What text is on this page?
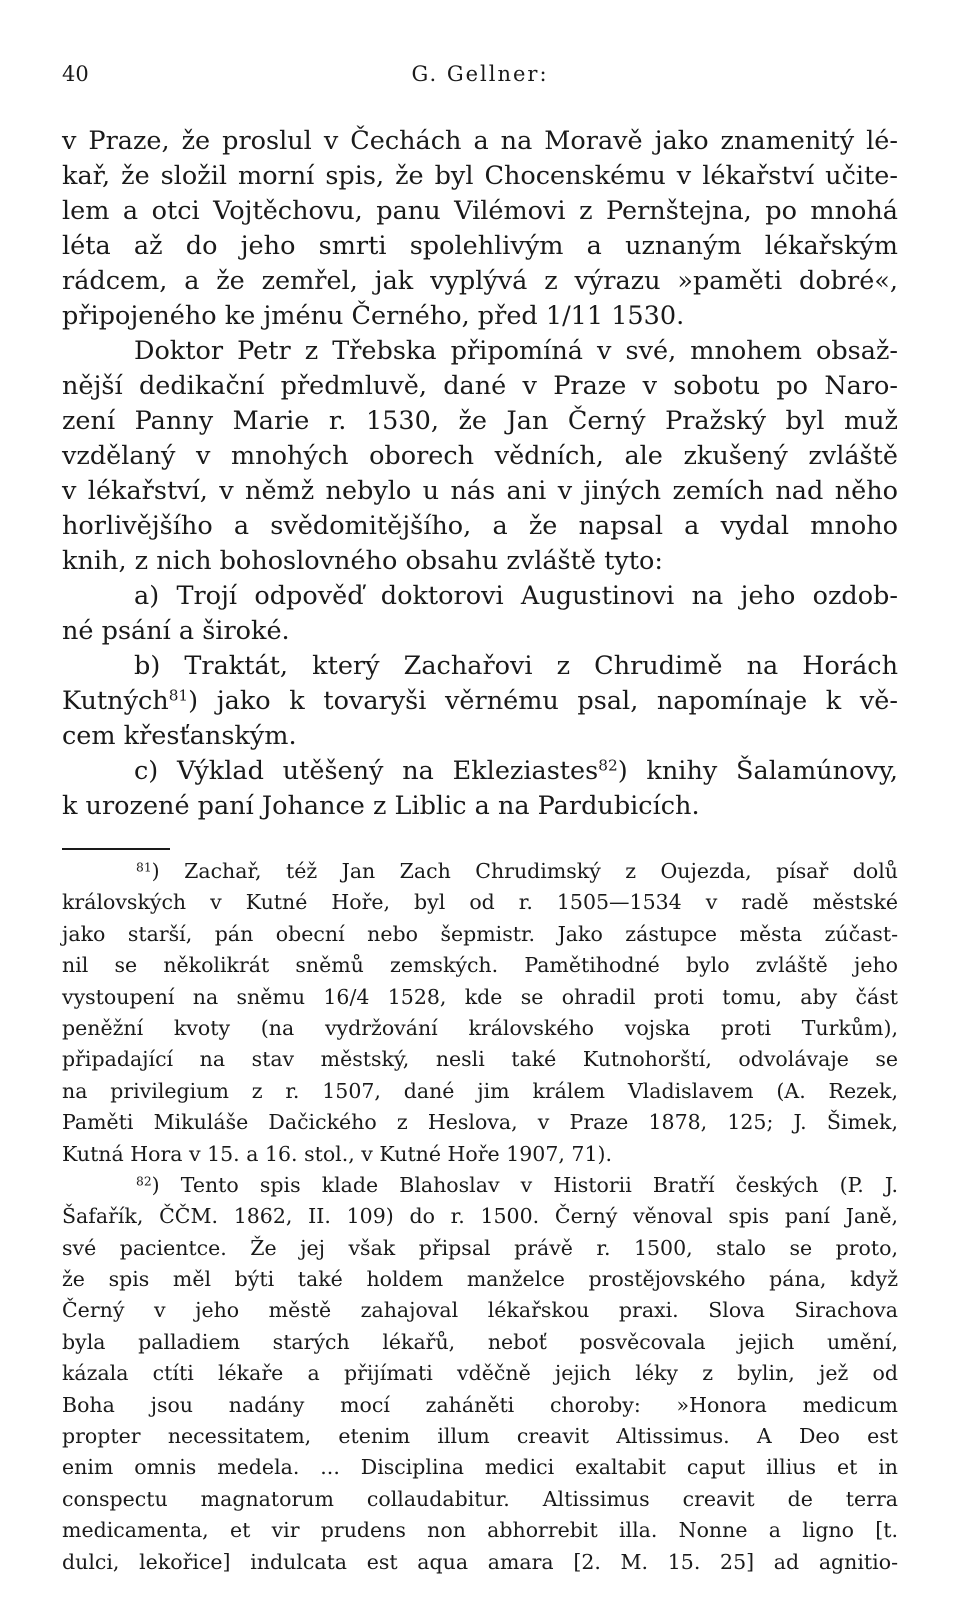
40	G. Gellner:
v Praze, že proslul v Čechách a na Moravě jako znamenitý lé-
kař, že složil morní spis, že byl Chocenskému v lékařství učite-
lem a otci Vojtěchovu, panu Vilémovi z Pernštejna, po mnohá
léta až do jeho smrti spolehlivým a uznaným lékařským
rádcem, a že zemřel, jak vyplývá z výrazu »paměti dobré«,
připojeného ke jménu Černého, před 1/11 1530.
Doktor Petr z Třebska připomíná v své, mnohem obsaž-
nější dedikační předmluvě, dané v Praze v sobotu po Naro-
zení Panny Marie r. 1530, že Jan Černý Pražský byl muž
vzdělaný v mnohých oborech vědních, ale zkušený zvláště
v lékařství, v němž nebylo u nás ani v jiných zemích nad něho
horlivějšího a svědomitějšího, a že napsal a vydal mnoho
knih, z nich bohoslovného obsahu zvláště tyto:
a) Trojí odpověď doktorovi Augustinovi na jeho ozdob-
né psání a široké.
b) Traktát, který Zachařovi z Chrudimě na Horách
Kutných$^{81}$) jako k tovaryši věrnému psal, napomínaje k vě-
cem křesťanským.
c) Výklad utěšený na Ekleziastes$^{82}$) knihy Šalamúnovy,
k urozené paní Johance z Liblic a na Pardubicích.
$^{81}$) Zachař, též Jan Zach Chrudimský z Oujezda, písař dolů
královských v Kutné Hoře, byl od r. 1505—1534 v radě městské
jako starší, pán obecní nebo šepmistr. Jako zástupce města zúčast-
nil se několikrát sněmů zemských. Pamětihodné bylo zvláště jeho
vystoupení na sněmu 16/4 1528, kde se ohradil proti tomu, aby část
peněžní kvoty (na vydržování královského vojska proti Turkům),
připadající na stav městský, nesli také Kutnohorští, odvolávaje se
na privilegium z r. 1507, dané jim králem Vladislavem (A. Rezek,
Paměti Mikuláše Dačického z Heslova, v Praze 1878, 125; J. Šimek,
Kutná Hora v 15. a 16. stol., v Kutné Hoře 1907, 71).
$^{82}$) Tento spis klade Blahoslav v Historii Bratří českých (P. J.
Šafařík, ČČM. 1862, II. 109) do r. 1500. Černý věnoval spis paní Janě,
své pacientce. Že jej však připsal právě r. 1500, stalo se proto,
že spis měl býti také holdem manželce prostějovského pána, když
Černý v jeho městě zahajoval lékařskou praxi. Slova Sirachova
byla palladiem starých lékařů, neboť posvěcovala jejich umění,
kázala ctíti lékaře a přijímati vděčně jejich léky z bylin, jež od
Boha jsou nadány mocí zaháněti choroby: »Honora medicum
propter necessitatem, etenim illum creavit Altissimus. A Deo est
enim omnis medela. ... Disciplina medici exaltabit caput illius et in
conspectu magnatorum collaudabitur. Altissimus creavit de terra
medicamenta, et vir prudens non abhorrebit illa. Nonne a ligno [t.
dulci, lekořice] indulcata est aqua amara [2. M. 15. 25] ad agnitio-
